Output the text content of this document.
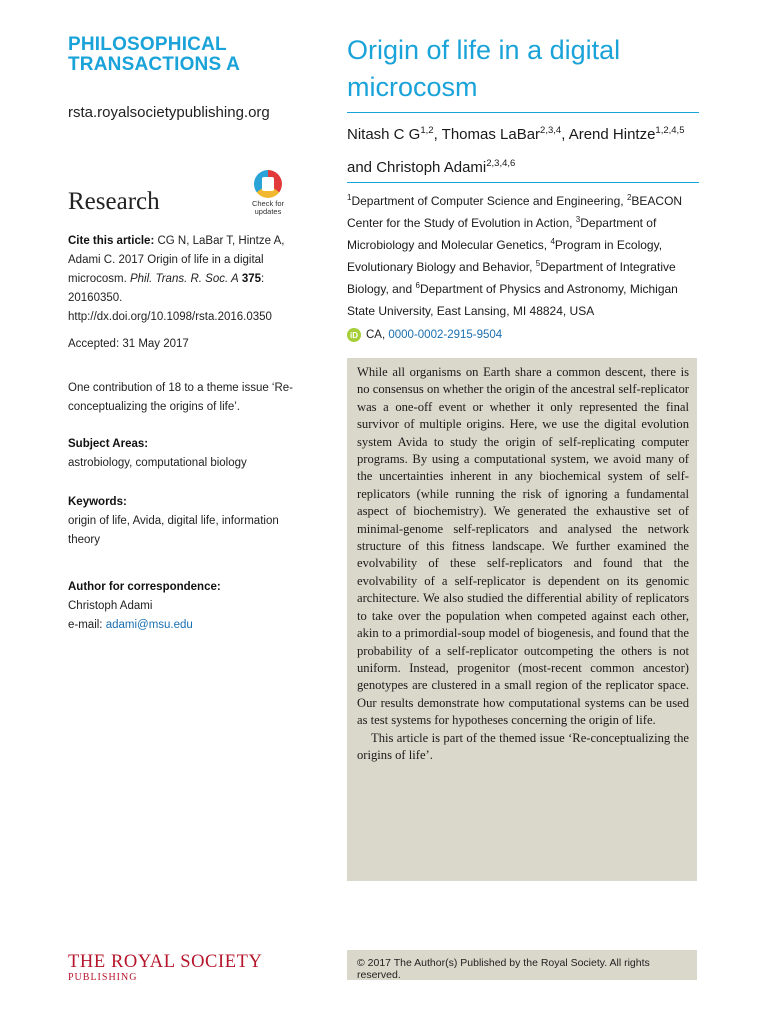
PHILOSOPHICAL
TRANSACTIONS A
rsta.royalsocietypublishing.org
Research	Check for
updates
Cite this article: CG N, LaBar T, Hintze A, Adami C. 2017 Origin of life in a digital microcosm. Phil. Trans. R. Soc. A 375: 20160350.
http://dx.doi.org/10.1098/rsta.2016.0350
Accepted: 31 May 2017
One contribution of 18 to a theme issue ‘Re-conceptualizing the origins of life’.
Subject Areas:
astrobiology, computational biology
Keywords:
origin of life, Avida, digital life, information theory
Author for correspondence:
Christoph Adami
e-mail: adami@msu.edu
THE ROYAL SOCIETY
PUBLISHING
Origin of life in a digital microcosm
Nitash C G$^{1,2}$, Thomas LaBar$^{2,3,4}$, Arend Hintze$^{1,2,4,5}$
and Christoph Adami$^{2,3,4,6}$
$^1$Department of Computer Science and Engineering, $^2$BEACON Center for the Study of Evolution in Action, $^3$Department of Microbiology and Molecular Genetics, $^4$Program in Ecology, Evolutionary Biology and Behavior, $^5$Department of Integrative Biology, and $^6$Department of Physics and Astronomy, Michigan State University, East Lansing, MI 48824, USA
iD CA, 0000-0002-2915-9504

While all organisms on Earth share a common descent, there is no consensus on whether the origin of the ancestral self-replicator was a one-off event or whether it only represented the final survivor of multiple origins. Here, we use the digital evolution system Avida to study the origin of self-replicating computer programs. By using a computational system, we avoid many of the uncertainties inherent in any biochemical system of self-replicators (while running the risk of ignoring a fundamental aspect of biochemistry). We generated the exhaustive set of minimal-genome self-replicators and analysed the network structure of this fitness landscape. We further examined the evolvability of these self-replicators and found that the evolvability of a self-replicator is dependent on its genomic architecture. We also studied the differential ability of replicators to take over the population when competed against each other, akin to a primordial-soup model of biogenesis, and found that the probability of a self-replicator outcompeting the others is not uniform. Instead, progenitor (most-recent common ancestor) genotypes are clustered in a small region of the replicator space. Our results demonstrate how computational systems can be used as test systems for hypotheses concerning the origin of life.

This article is part of the themed issue ‘Re-conceptualizing the origins of life’.

© 2017 The Author(s) Published by the Royal Society. All rights reserved.
